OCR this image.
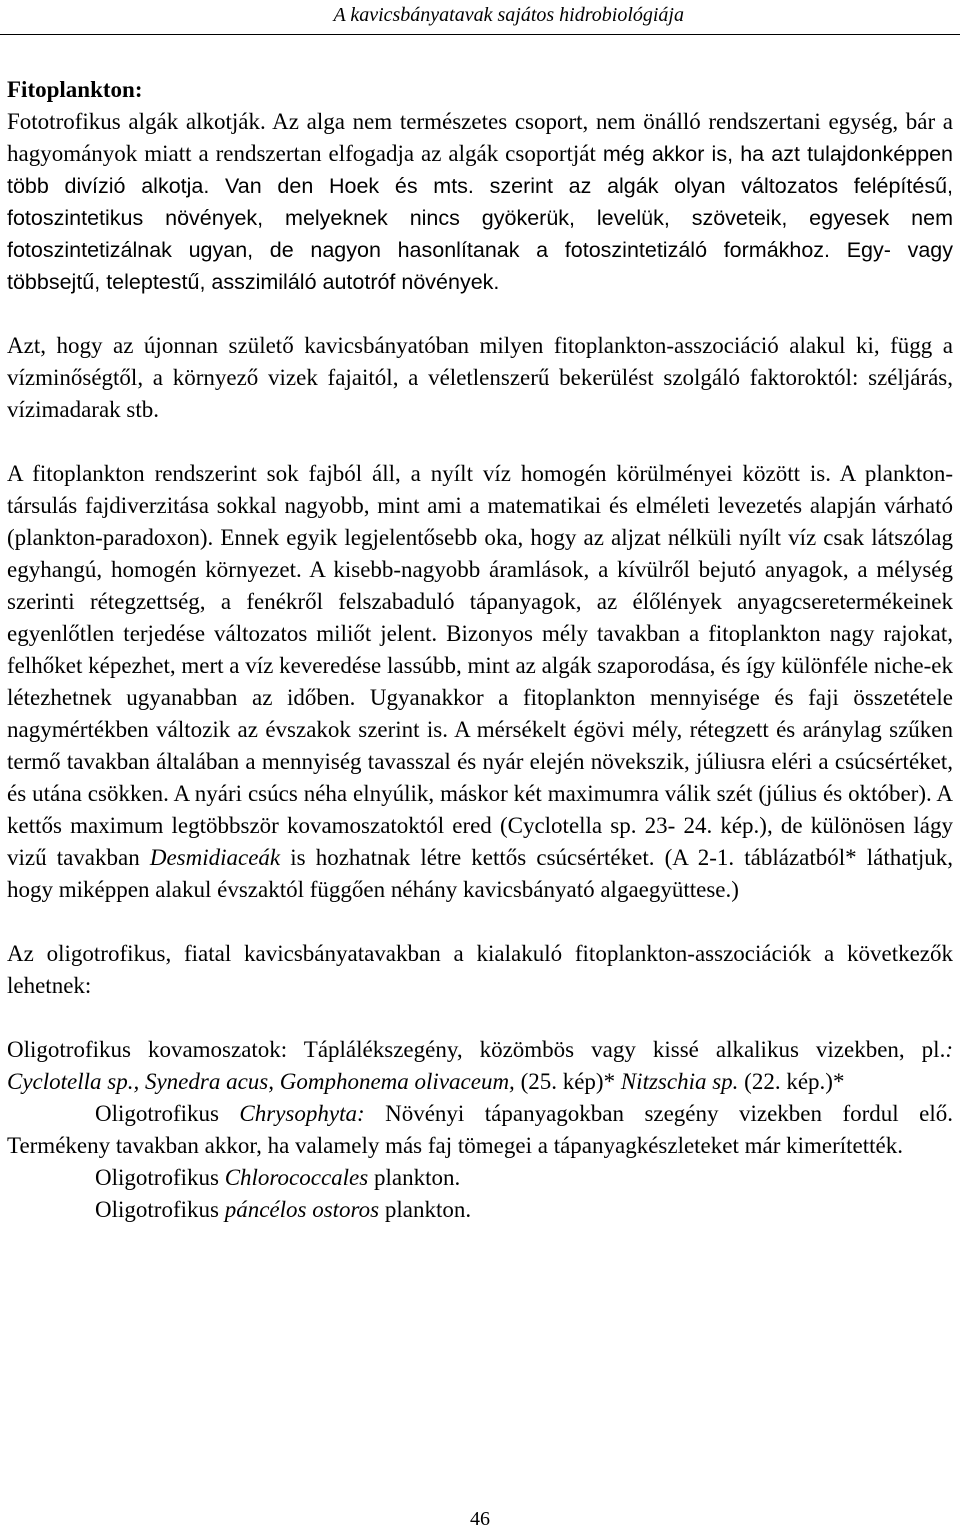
A kavicsbányatavak sajátos hidrobiológiája

Fitoplankton:

Fototrofikus algák alkotják. Az alga nem természetes csoport, nem önálló rendszertani egység, bár a hagyományok miatt a rendszertan elfogadja az algák csoportját még akkor is, ha azt tulajdonképpen több divízió alkotja. Van den Hoek és mts. szerint az algák olyan változatos felépítésű, fotoszintetikus növények, melyeknek nincs gyökerük, levelük, szöveteik, egyesek nem fotoszintetizálnak ugyan, de nagyon hasonlítanak a fotoszintetizáló formákhoz. Egy- vagy többsejtű, teleptestű, asszimiláló autotróf növények.

Azt, hogy az újonnan születő kavicsbányatóban milyen fitoplankton-asszociáció alakul ki, függ a vízminőségtől, a környező vizek fajaitól, a véletlenszerű bekerülést szolgáló faktoroktól: széljárás, vízimadarak stb.

A fitoplankton rendszerint sok fajból áll, a nyílt víz homogén körülményei között is. A plankton-társulás fajdiverzitása sokkal nagyobb, mint ami a matematikai és elméleti levezetés alapján várható (plankton-paradoxon). Ennek egyik legjelentősebb oka, hogy az aljzat nélküli nyílt víz csak látszólag egyhangú, homogén környezet. A kisebb-nagyobb áramlások, a kívülről bejutó anyagok, a mélység szerinti rétegzettség, a fenékről felszabaduló tápanyagok, az élőlények anyagcseretermékeinek egyenlőtlen terjedése változatos miliőt jelent. Bizonyos mély tavakban a fitoplankton nagy rajokat, felhőket képezhet, mert a víz keveredése lassúbb, mint az algák szaporodása, és így különféle niche-ek létezhetnek ugyanabban az időben. Ugyanakkor a fitoplankton mennyisége és faji összetétele nagymértékben változik az évszakok szerint is. A mérsékelt égövi mély, rétegzett és aránylag szűken termő tavakban általában a mennyiség tavasszal és nyár elején növekszik, júliusra eléri a csúcsértéket, és utána csökken. A nyári csúcs néha elnyúlik, máskor két maximumra válik szét (július és október). A kettős maximum legtöbbször kovamoszatoktól ered (Cyclotella sp. 23- 24. kép.), de különösen lágy vizű tavakban Desmidiaceák is hozhatnak létre kettős csúcsértéket. (A 2-1. táblázatból* láthatjuk, hogy miképpen alakul évszaktól függően néhány kavicsbányató algaegyüttese.)

Az oligotrofikus, fiatal kavicsbányatavakban a kialakuló fitoplankton-asszociációk a következők lehetnek:

Oligotrofikus kovamoszatok: Táplálékszegény, közömbös vagy kissé alkalikus vizekben, pl.: Cyclotella sp., Synedra acus, Gomphonema olivaceum, (25. kép)* Nitzschia sp. (22. kép.)*

Oligotrofikus Chrysophyta: Növényi tápanyagokban szegény vizekben fordul elő. Termékeny tavakban akkor, ha valamely más faj tömegei a tápanyagkészleteket már kimerítették.

Oligotrofikus Chlorococcales plankton.

Oligotrofikus páncélos ostoros plankton.

46
